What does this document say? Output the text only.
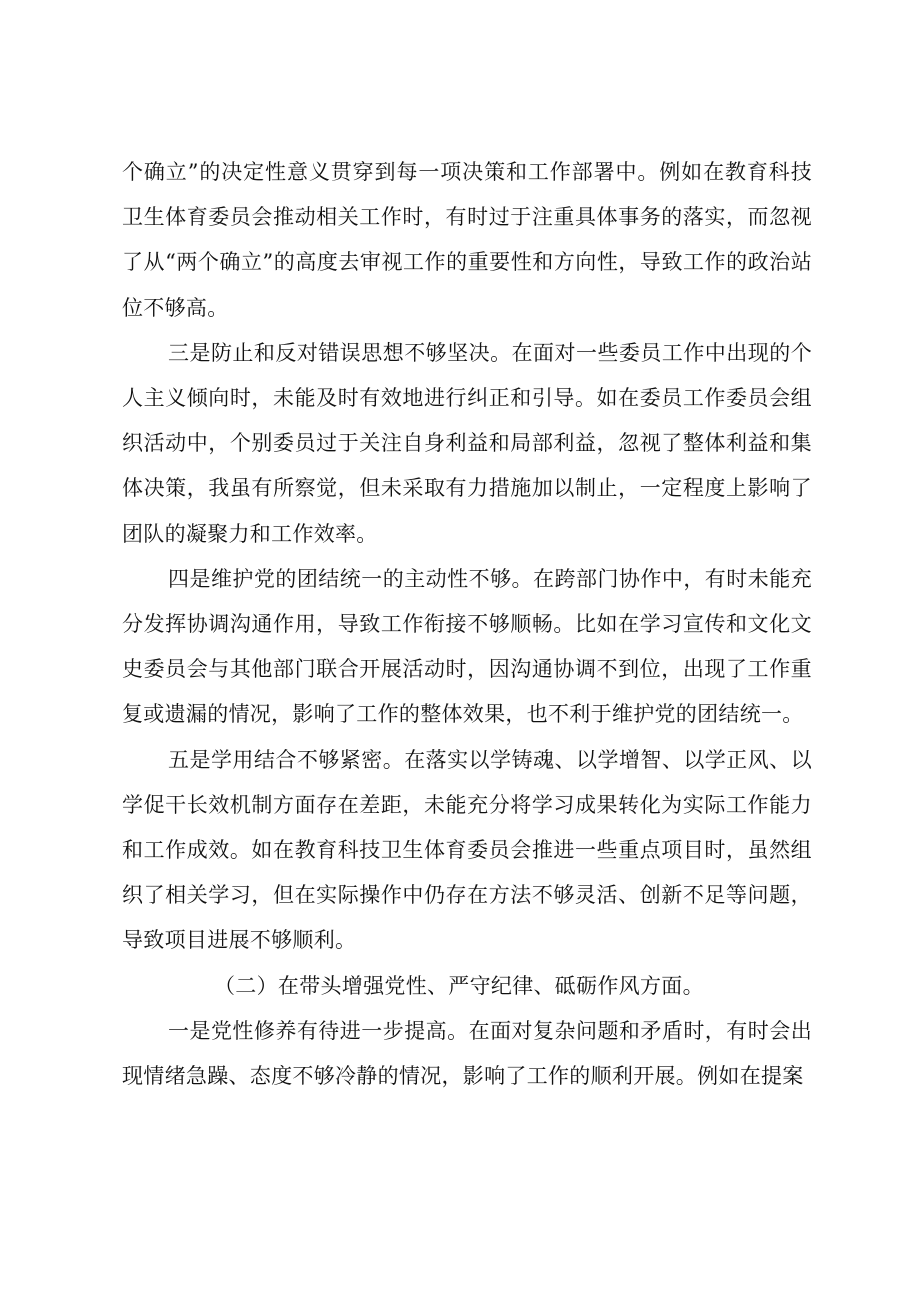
个确立”的决定性意义贯穿到每一项决策和工作部署中。例如在教育科技卫生体育委员会推动相关工作时，有时过于注重具体事务的落实，而忽视了从“两个确立”的高度去审视工作的重要性和方向性，导致工作的政治站位不够高。

三是防止和反对错误思想不够坚决。在面对一些委员工作中出现的个人主义倾向时，未能及时有效地进行纠正和引导。如在委员工作委员会组织活动中，个别委员过于关注自身利益和局部利益，忽视了整体利益和集体决策，我虽有所察觉，但未采取有力措施加以制止，一定程度上影响了团队的凝聚力和工作效率。

四是维护党的团结统一的主动性不够。在跨部门协作中，有时未能充分发挥协调沟通作用，导致工作衔接不够顺畅。比如在学习宣传和文化文史委员会与其他部门联合开展活动时，因沟通协调不到位，出现了工作重复或遗漏的情况，影响了工作的整体效果，也不利于维护党的团结统一。

五是学用结合不够紧密。在落实以学铸魂、以学增智、以学正风、以学促干长效机制方面存在差距，未能充分将学习成果转化为实际工作能力和工作成效。如在教育科技卫生体育委员会推进一些重点项目时，虽然组织了相关学习，但在实际操作中仍存在方法不够灵活、创新不足等问题，导致项目进展不够顺利。

（二）在带头增强党性、严守纪律、砥砺作风方面。

一是党性修养有待进一步提高。在面对复杂问题和矛盾时，有时会出现情绪急躁、态度不够冷静的情况，影响了工作的顺利开展。例如在提案
